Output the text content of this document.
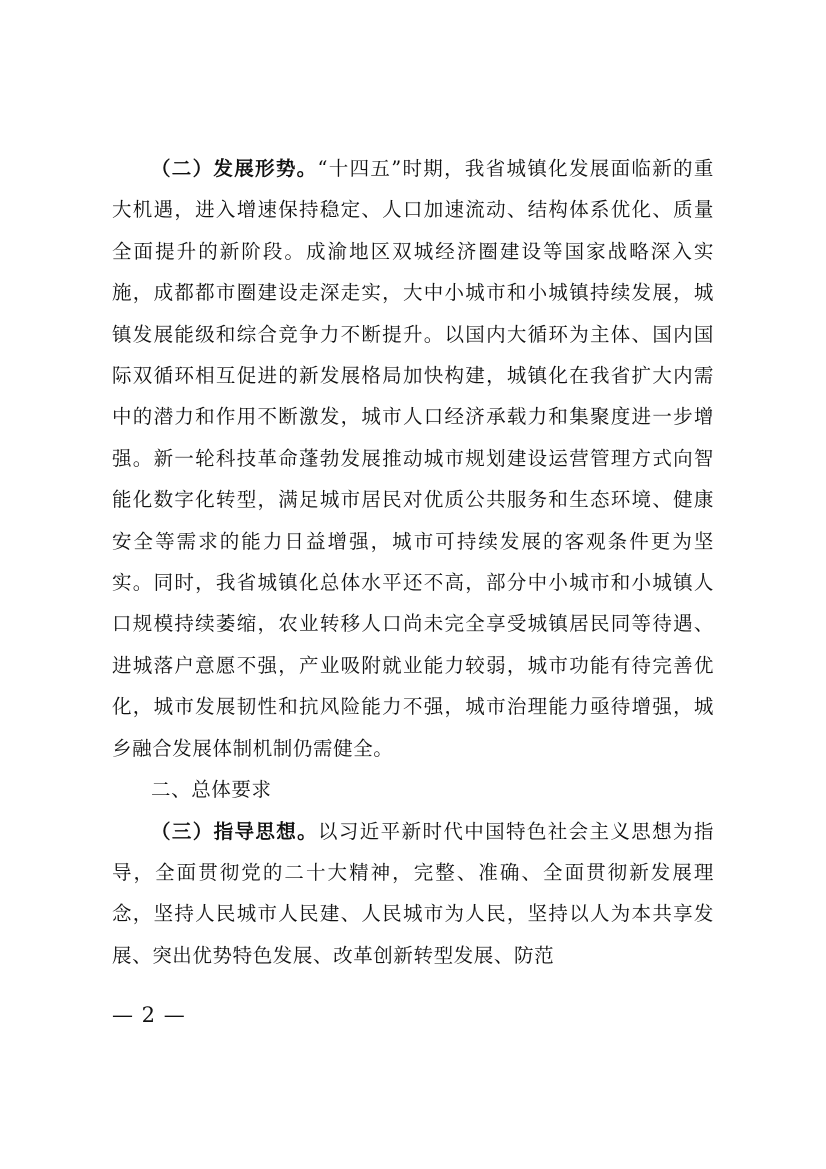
（二）发展形势。“十四五”时期，我省城镇化发展面临新的重大机遇，进入增速保持稳定、人口加速流动、结构体系优化、质量全面提升的新阶段。成渝地区双城经济圈建设等国家战略深入实施，成都都市圈建设走深走实，大中小城市和小城镇持续发展，城镇发展能级和综合竞争力不断提升。以国内大循环为主体、国内国际双循环相互促进的新发展格局加快构建，城镇化在我省扩大内需中的潜力和作用不断激发，城市人口经济承载力和集聚度进一步增强。新一轮科技革命蓬勃发展推动城市规划建设运营管理方式向智能化数字化转型，满足城市居民对优质公共服务和生态环境、健康安全等需求的能力日益增强，城市可持续发展的客观条件更为坚实。同时，我省城镇化总体水平还不高，部分中小城市和小城镇人口规模持续萎缩，农业转移人口尚未完全享受城镇居民同等待遇、进城落户意愿不强，产业吸附就业能力较弱，城市功能有待完善优化，城市发展韧性和抗风险能力不强，城市治理能力亟待增强，城乡融合发展体制机制仍需健全。

二、总体要求

（三）指导思想。以习近平新时代中国特色社会主义思想为指导，全面贯彻党的二十大精神，完整、准确、全面贯彻新发展理念，坚持人民城市人民建、人民城市为人民，坚持以人为本共享发展、突出优势特色发展、改革创新转型发展、防范

— 2 —
